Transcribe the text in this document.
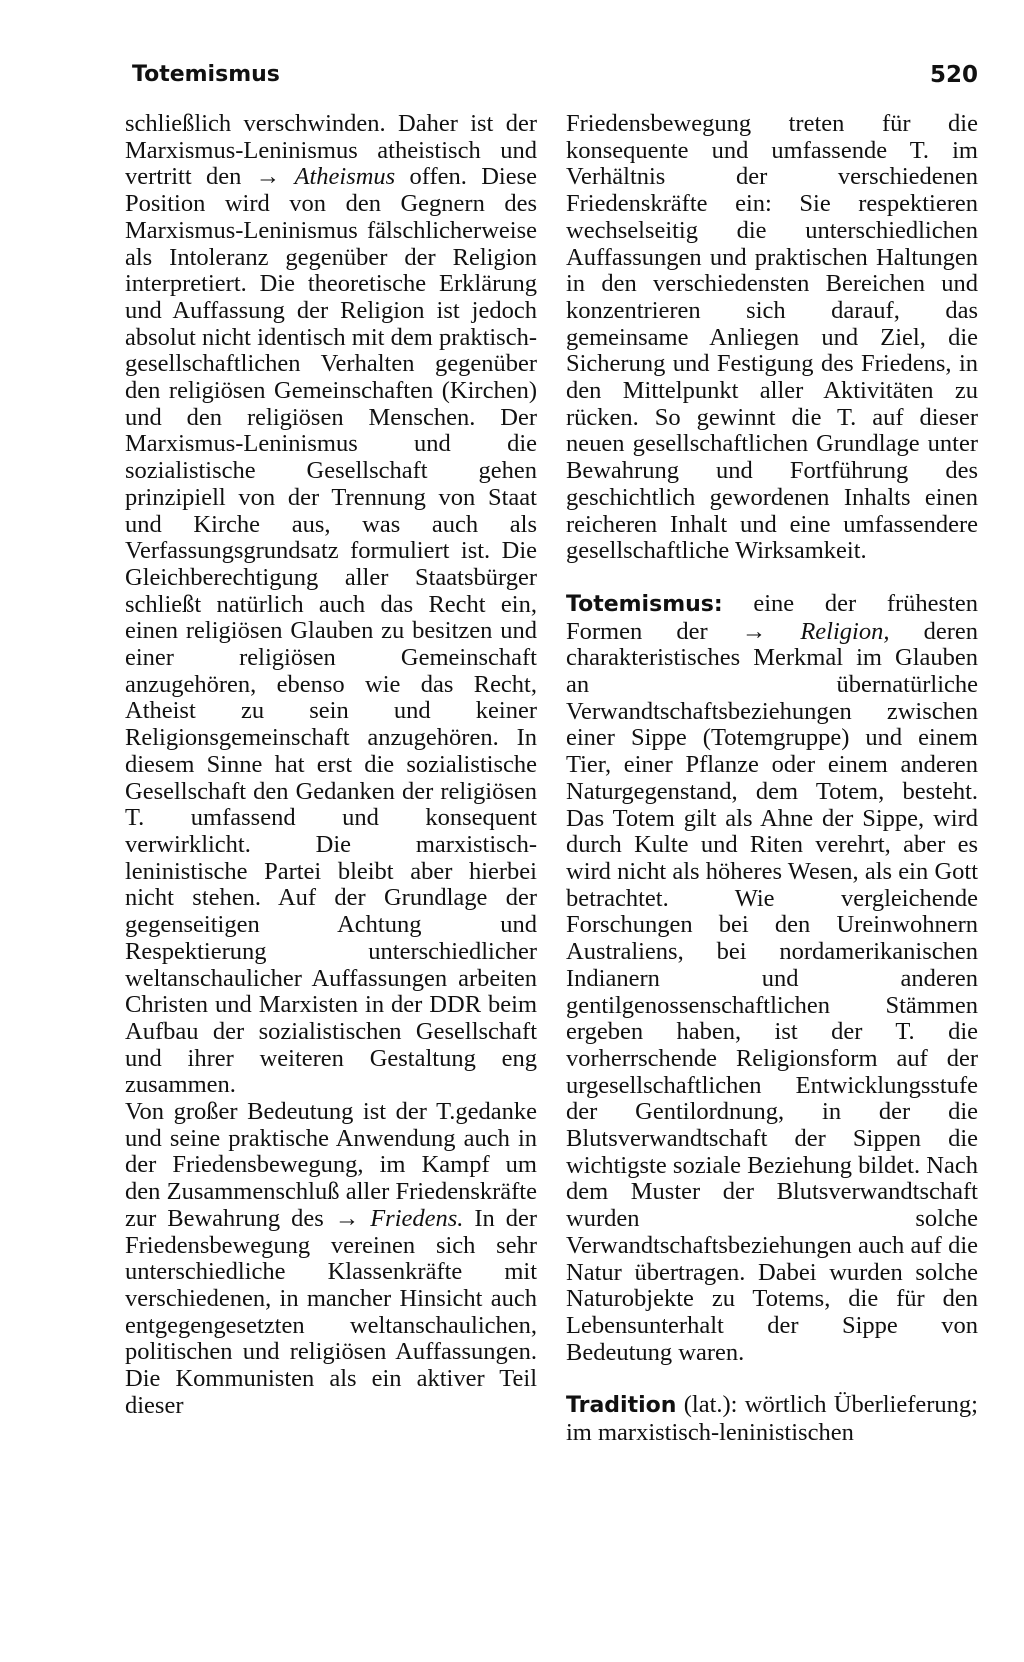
Totemismus	520

schließlich verschwinden. Daher ist der Marxismus-Leninismus atheistisch und vertritt den → Atheismus offen. Diese Position wird von den Gegnern des Marxismus-Leninismus fälschlicherweise als Intoleranz gegenüber der Religion interpretiert. Die theoretische Erklärung und Auffassung der Religion ist jedoch absolut nicht identisch mit dem praktisch-gesellschaftlichen Verhalten gegenüber den religiösen Gemeinschaften (Kirchen) und den religiösen Menschen. Der Marxismus-Leninismus und die sozialistische Gesellschaft gehen prinzipiell von der Trennung von Staat und Kirche aus, was auch als Verfassungsgrundsatz formuliert ist. Die Gleichberechtigung aller Staatsbürger schließt natürlich auch das Recht ein, einen religiösen Glauben zu besitzen und einer religiösen Gemeinschaft anzugehören, ebenso wie das Recht, Atheist zu sein und keiner Religionsgemeinschaft anzugehören. In diesem Sinne hat erst die sozialistische Gesellschaft den Gedanken der religiösen T. umfassend und konsequent verwirklicht. Die marxistisch-leninistische Partei bleibt aber hierbei nicht stehen. Auf der Grundlage der gegenseitigen Achtung und Respektierung unterschiedlicher weltanschaulicher Auffassungen arbeiten Christen und Marxisten in der DDR beim Aufbau der sozialistischen Gesellschaft und ihrer weiteren Gestaltung eng zusammen.

Von großer Bedeutung ist der T.gedanke und seine praktische Anwendung auch in der Friedensbewegung, im Kampf um den Zusammenschluß aller Friedenskräfte zur Bewahrung des → Friedens. In der Friedensbewegung vereinen sich sehr unterschiedliche Klassenkräfte mit verschiedenen, in mancher Hinsicht auch entgegengesetzten weltanschaulichen, politischen und religiösen Auffassungen. Die Kommunisten als ein aktiver Teil dieser

Friedensbewegung treten für die konsequente und umfassende T. im Verhältnis der verschiedenen Friedenskräfte ein: Sie respektieren wechselseitig die unterschiedlichen Auffassungen und praktischen Haltungen in den verschiedensten Bereichen und konzentrieren sich darauf, das gemeinsame Anliegen und Ziel, die Sicherung und Festigung des Friedens, in den Mittelpunkt aller Aktivitäten zu rücken. So gewinnt die T. auf dieser neuen gesellschaftlichen Grundlage unter Bewahrung und Fortführung des geschichtlich gewordenen Inhalts einen reicheren Inhalt und eine umfassendere gesellschaftliche Wirksamkeit.

Totemismus: eine der frühesten Formen der → Religion, deren charakteristisches Merkmal im Glauben an übernatürliche Verwandtschaftsbeziehungen zwischen einer Sippe (Totemgruppe) und einem Tier, einer Pflanze oder einem anderen Naturgegenstand, dem Totem, besteht. Das Totem gilt als Ahne der Sippe, wird durch Kulte und Riten verehrt, aber es wird nicht als höheres Wesen, als ein Gott betrachtet. Wie vergleichende Forschungen bei den Ureinwohnern Australiens, bei nordamerikanischen Indianern und anderen gentilgenossenschaftlichen Stämmen ergeben haben, ist der T. die vorherrschende Religionsform auf der urgesellschaftlichen Entwicklungsstufe der Gentilordnung, in der die Blutsverwandtschaft der Sippen die wichtigste soziale Beziehung bildet. Nach dem Muster der Blutsverwandtschaft wurden solche Verwandtschaftsbeziehungen auch auf die Natur übertragen. Dabei wurden solche Naturobjekte zu Totems, die für den Lebensunterhalt der Sippe von Bedeutung waren.

Tradition (lat.): wörtlich Überlieferung; im marxistisch-leninistischen
